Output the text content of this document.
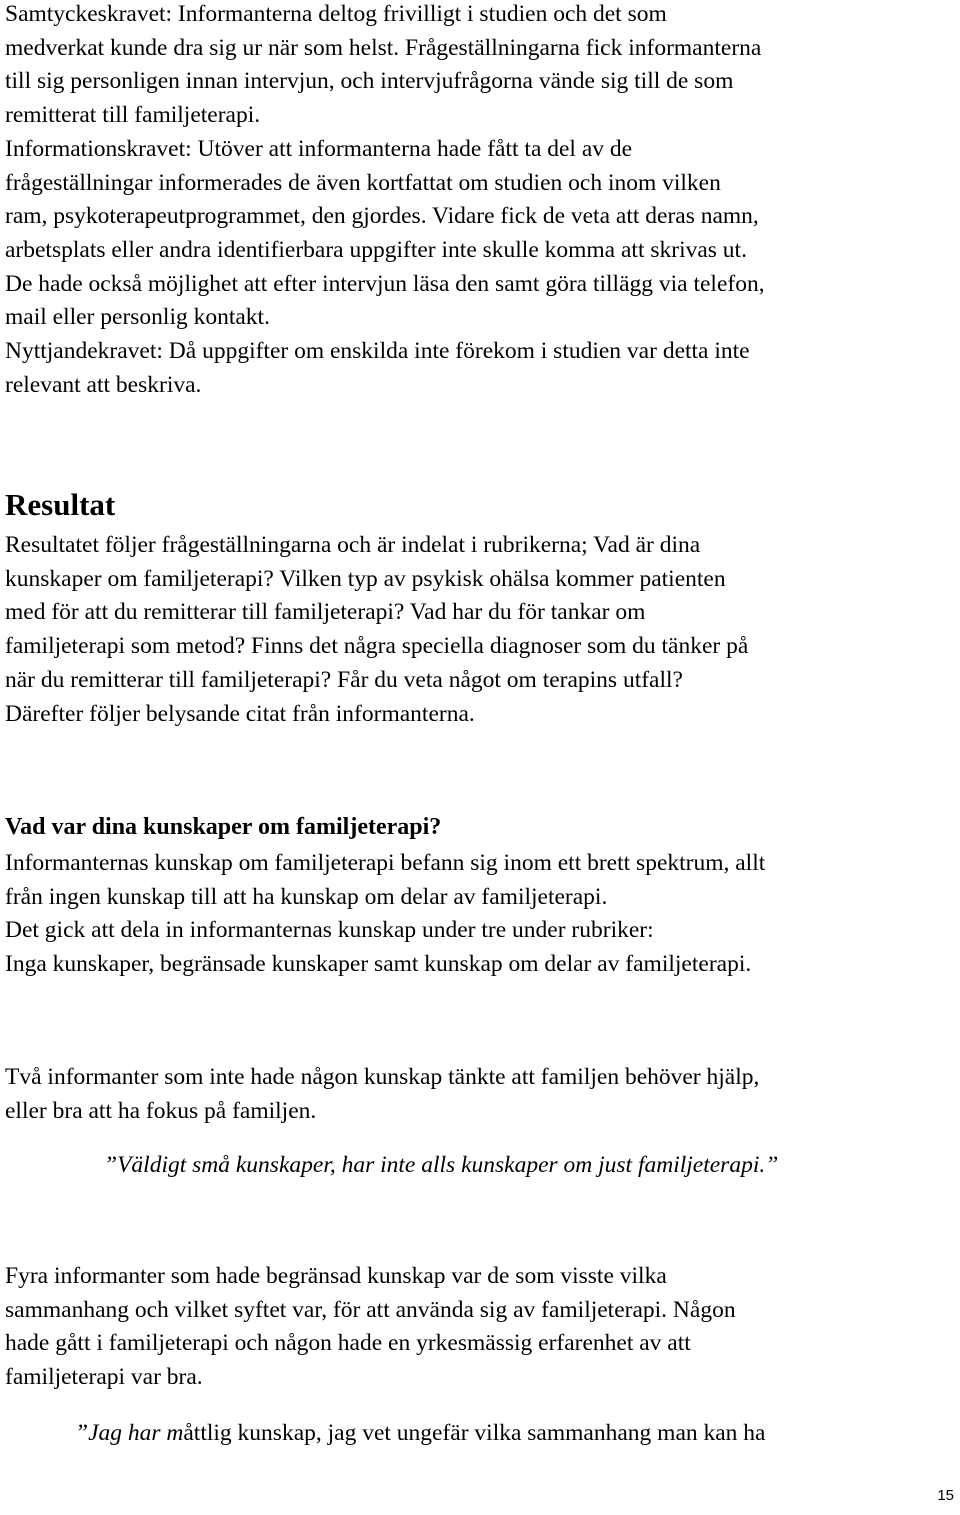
Samtyckeskravet: Informanterna deltog frivilligt i studien och det som
medverkat kunde dra sig ur när som helst. Frågeställningarna fick informanterna
till sig personligen innan intervjun, och intervjufrågorna vände sig till de som
remitterat till familjeterapi.
Informationskravet: Utöver att informanterna hade fått ta del av de
frågeställningar informerades de även kortfattat om studien och inom vilken
ram, psykoterapeutprogrammet, den gjordes. Vidare fick de veta att deras namn,
arbetsplats eller andra identifierbara uppgifter inte skulle komma att skrivas ut.
De hade också möjlighet att efter intervjun läsa den samt göra tillägg via telefon,
mail eller personlig kontakt.
Nyttjandekravet: Då uppgifter om enskilda inte förekom i studien var detta inte
relevant att beskriva.
Resultat
Resultatet följer frågeställningarna och är indelat i rubrikerna; Vad är dina
kunskaper om familjeterapi? Vilken typ av psykisk ohälsa kommer patienten
med för att du remitterar till familjeterapi? Vad har du för tankar om
familjeterapi som metod? Finns det några speciella diagnoser som du tänker på
när du remitterar till familjeterapi? Får du veta något om terapins utfall?
Därefter följer belysande citat från informanterna.
Vad var dina kunskaper om familjeterapi?
Informanternas kunskap om familjeterapi befann sig inom ett brett spektrum, allt
från ingen kunskap till att ha kunskap om delar av familjeterapi.
Det gick att dela in informanternas kunskap under tre under rubriker:
Inga kunskaper, begränsade kunskaper samt kunskap om delar av familjeterapi.
Två informanter som inte hade någon kunskap tänkte att familjen behöver hjälp,
eller bra att ha fokus på familjen.

”Väldigt små kunskaper, har inte alls kunskaper om just familjeterapi.”

Fyra informanter som hade begränsad kunskap var de som visste vilka
sammanhang och vilket syftet var, för att använda sig av familjeterapi. Någon
hade gått i familjeterapi och någon hade en yrkesmässig erfarenhet av att
familjeterapi var bra.

”Jag har måttlig kunskap, jag vet ungefär vilka sammanhang man kan ha

15
